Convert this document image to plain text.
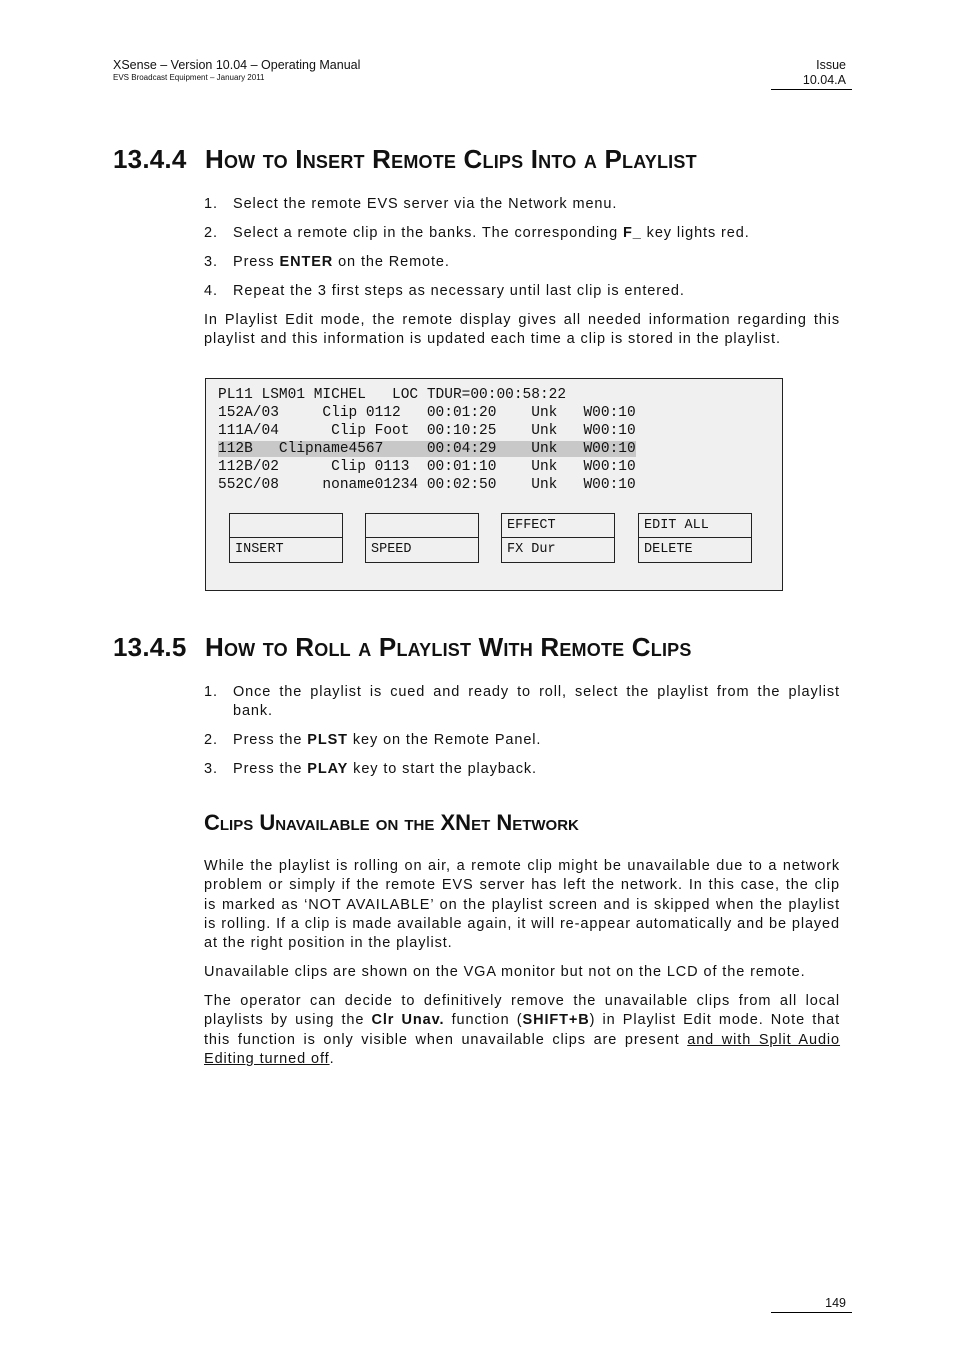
XSense – Version 10.04 – Operating Manual
EVS Broadcast Equipment – January 2011
Issue
10.04.A
13.4.4 How to Insert Remote Clips Into a Playlist
1. Select the remote EVS server via the Network menu.
2. Select a remote clip in the banks. The corresponding F_ key lights red.
3. Press ENTER on the Remote.
4. Repeat the 3 first steps as necessary until last clip is entered.

In Playlist Edit mode, the remote display gives all needed information regarding this playlist and this information is updated each time a clip is stored in the playlist.

PL11 LSM01 MICHEL   LOC TDUR=00:00:58:22
152A/03     Clip 0112   00:01:20    Unk   W00:10
111A/04      Clip Foot  00:10:25    Unk   W00:10
112B   Clipname4567     00:04:29    Unk   W00:10
112B/02      Clip 0113  00:01:10    Unk   W00:10
552C/08     noname01234 00:02:50    Unk   W00:10
INSERT	SPEED
EFFECT
FX Dur
EDIT ALL
DELETE
13.4.5 How to Roll a Playlist With Remote Clips
1. Once the playlist is cued and ready to roll, select the playlist from the playlist bank.
2. Press the PLST key on the Remote Panel.
3. Press the PLAY key to start the playback.
Clips Unavailable on the XNet Network

While the playlist is rolling on air, a remote clip might be unavailable due to a network problem or simply if the remote EVS server has left the network. In this case, the clip is marked as ‘NOT AVAILABLE’ on the playlist screen and is skipped when the playlist is rolling. If a clip is made available again, it will re-appear automatically and be played at the right position in the playlist.

Unavailable clips are shown on the VGA monitor but not on the LCD of the remote.

The operator can decide to definitively remove the unavailable clips from all local playlists by using the Clr Unav. function (SHIFT+B) in Playlist Edit mode. Note that this function is only visible when unavailable clips are present and with Split Audio Editing turned off.

149
